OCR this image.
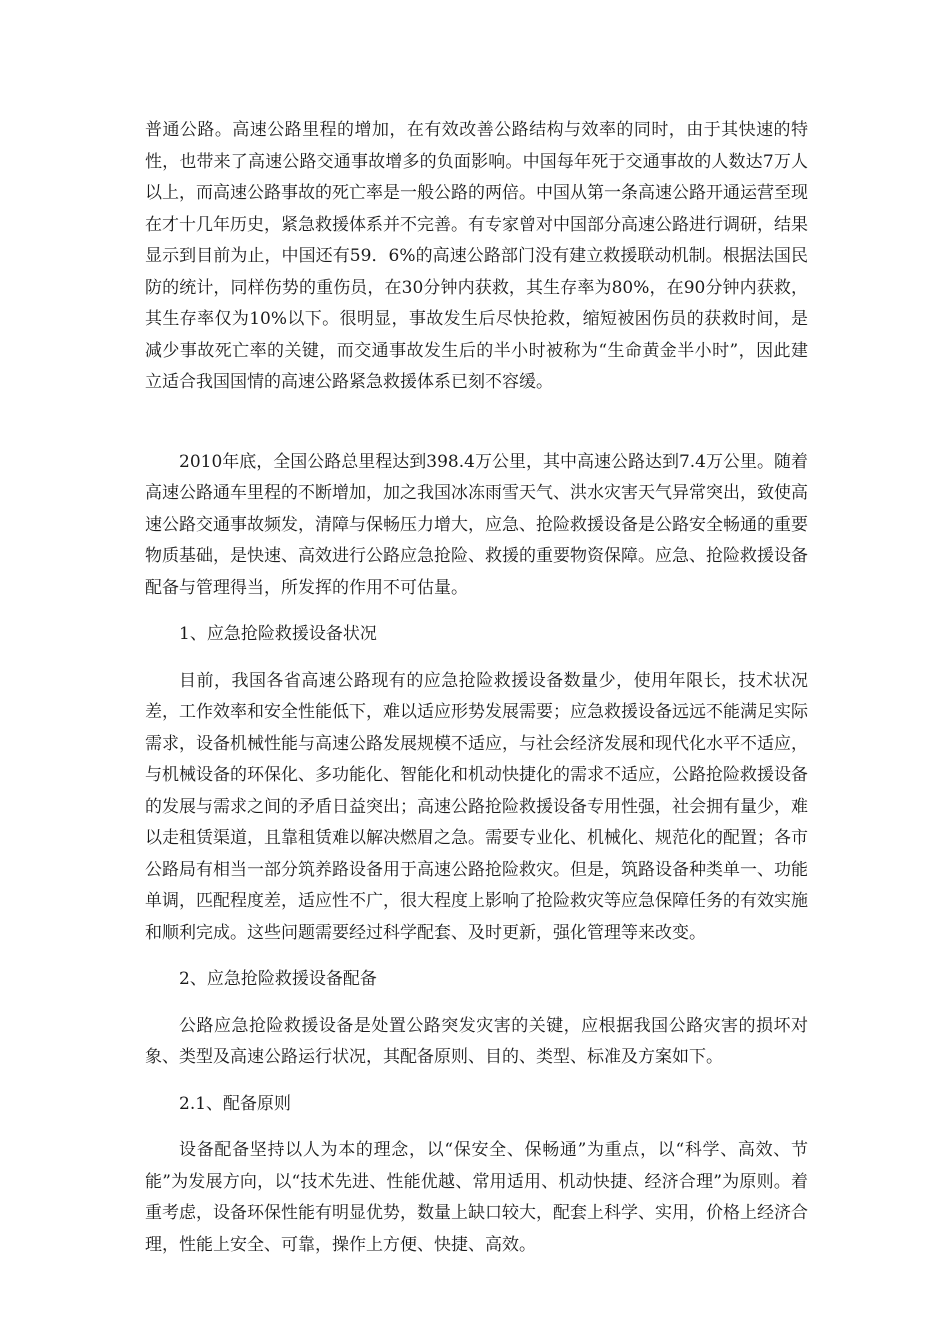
普通公路。高速公路里程的增加，在有效改善公路结构与效率的同时，由于其快速的特性，也带来了高速公路交通事故增多的负面影响。中国每年死于交通事故的人数达7万人以上，而高速公路事故的死亡率是一般公路的两倍。中国从第一条高速公路开通运营至现在才十几年历史，紧急救援体系并不完善。有专家曾对中国部分高速公路进行调研，结果显示到目前为止，中国还有59．6%的高速公路部门没有建立救援联动机制。根据法国民防的统计，同样伤势的重伤员，在30分钟内获救，其生存率为80%，在90分钟内获救，其生存率仅为10%以下。很明显，事故发生后尽快抢救，缩短被困伤员的获救时间，是减少事故死亡率的关键，而交通事故发生后的半小时被称为“生命黄金半小时”，因此建立适合我国国情的高速公路紧急救援体系已刻不容缓。

2010年底，全国公路总里程达到398.4万公里，其中高速公路达到7.4万公里。随着高速公路通车里程的不断增加，加之我国冰冻雨雪天气、洪水灾害天气异常突出，致使高速公路交通事故频发，清障与保畅压力增大，应急、抢险救援设备是公路安全畅通的重要物质基础，是快速、高效进行公路应急抢险、救援的重要物资保障。应急、抢险救援设备配备与管理得当，所发挥的作用不可估量。

1、应急抢险救援设备状况

目前，我国各省高速公路现有的应急抢险救援设备数量少，使用年限长，技术状况差，工作效率和安全性能低下，难以适应形势发展需要；应急救援设备远远不能满足实际需求，设备机械性能与高速公路发展规模不适应，与社会经济发展和现代化水平不适应，与机械设备的环保化、多功能化、智能化和机动快捷化的需求不适应，公路抢险救援设备的发展与需求之间的矛盾日益突出；高速公路抢险救援设备专用性强，社会拥有量少，难以走租赁渠道，且靠租赁难以解决燃眉之急。需要专业化、机械化、规范化的配置；各市公路局有相当一部分筑养路设备用于高速公路抢险救灾。但是，筑路设备种类单一、功能单调，匹配程度差，适应性不广，很大程度上影响了抢险救灾等应急保障任务的有效实施和顺利完成。这些问题需要经过科学配套、及时更新，强化管理等来改变。

2、应急抢险救援设备配备

公路应急抢险救援设备是处置公路突发灾害的关键，应根据我国公路灾害的损坏对象、类型及高速公路运行状况，其配备原则、目的、类型、标准及方案如下。

2.1、配备原则

设备配备坚持以人为本的理念，以“保安全、保畅通”为重点，以“科学、高效、节能”为发展方向，以“技术先进、性能优越、常用适用、机动快捷、经济合理”为原则。着重考虑，设备环保性能有明显优势，数量上缺口较大，配套上科学、实用，价格上经济合理，性能上安全、可靠，操作上方便、快捷、高效。
